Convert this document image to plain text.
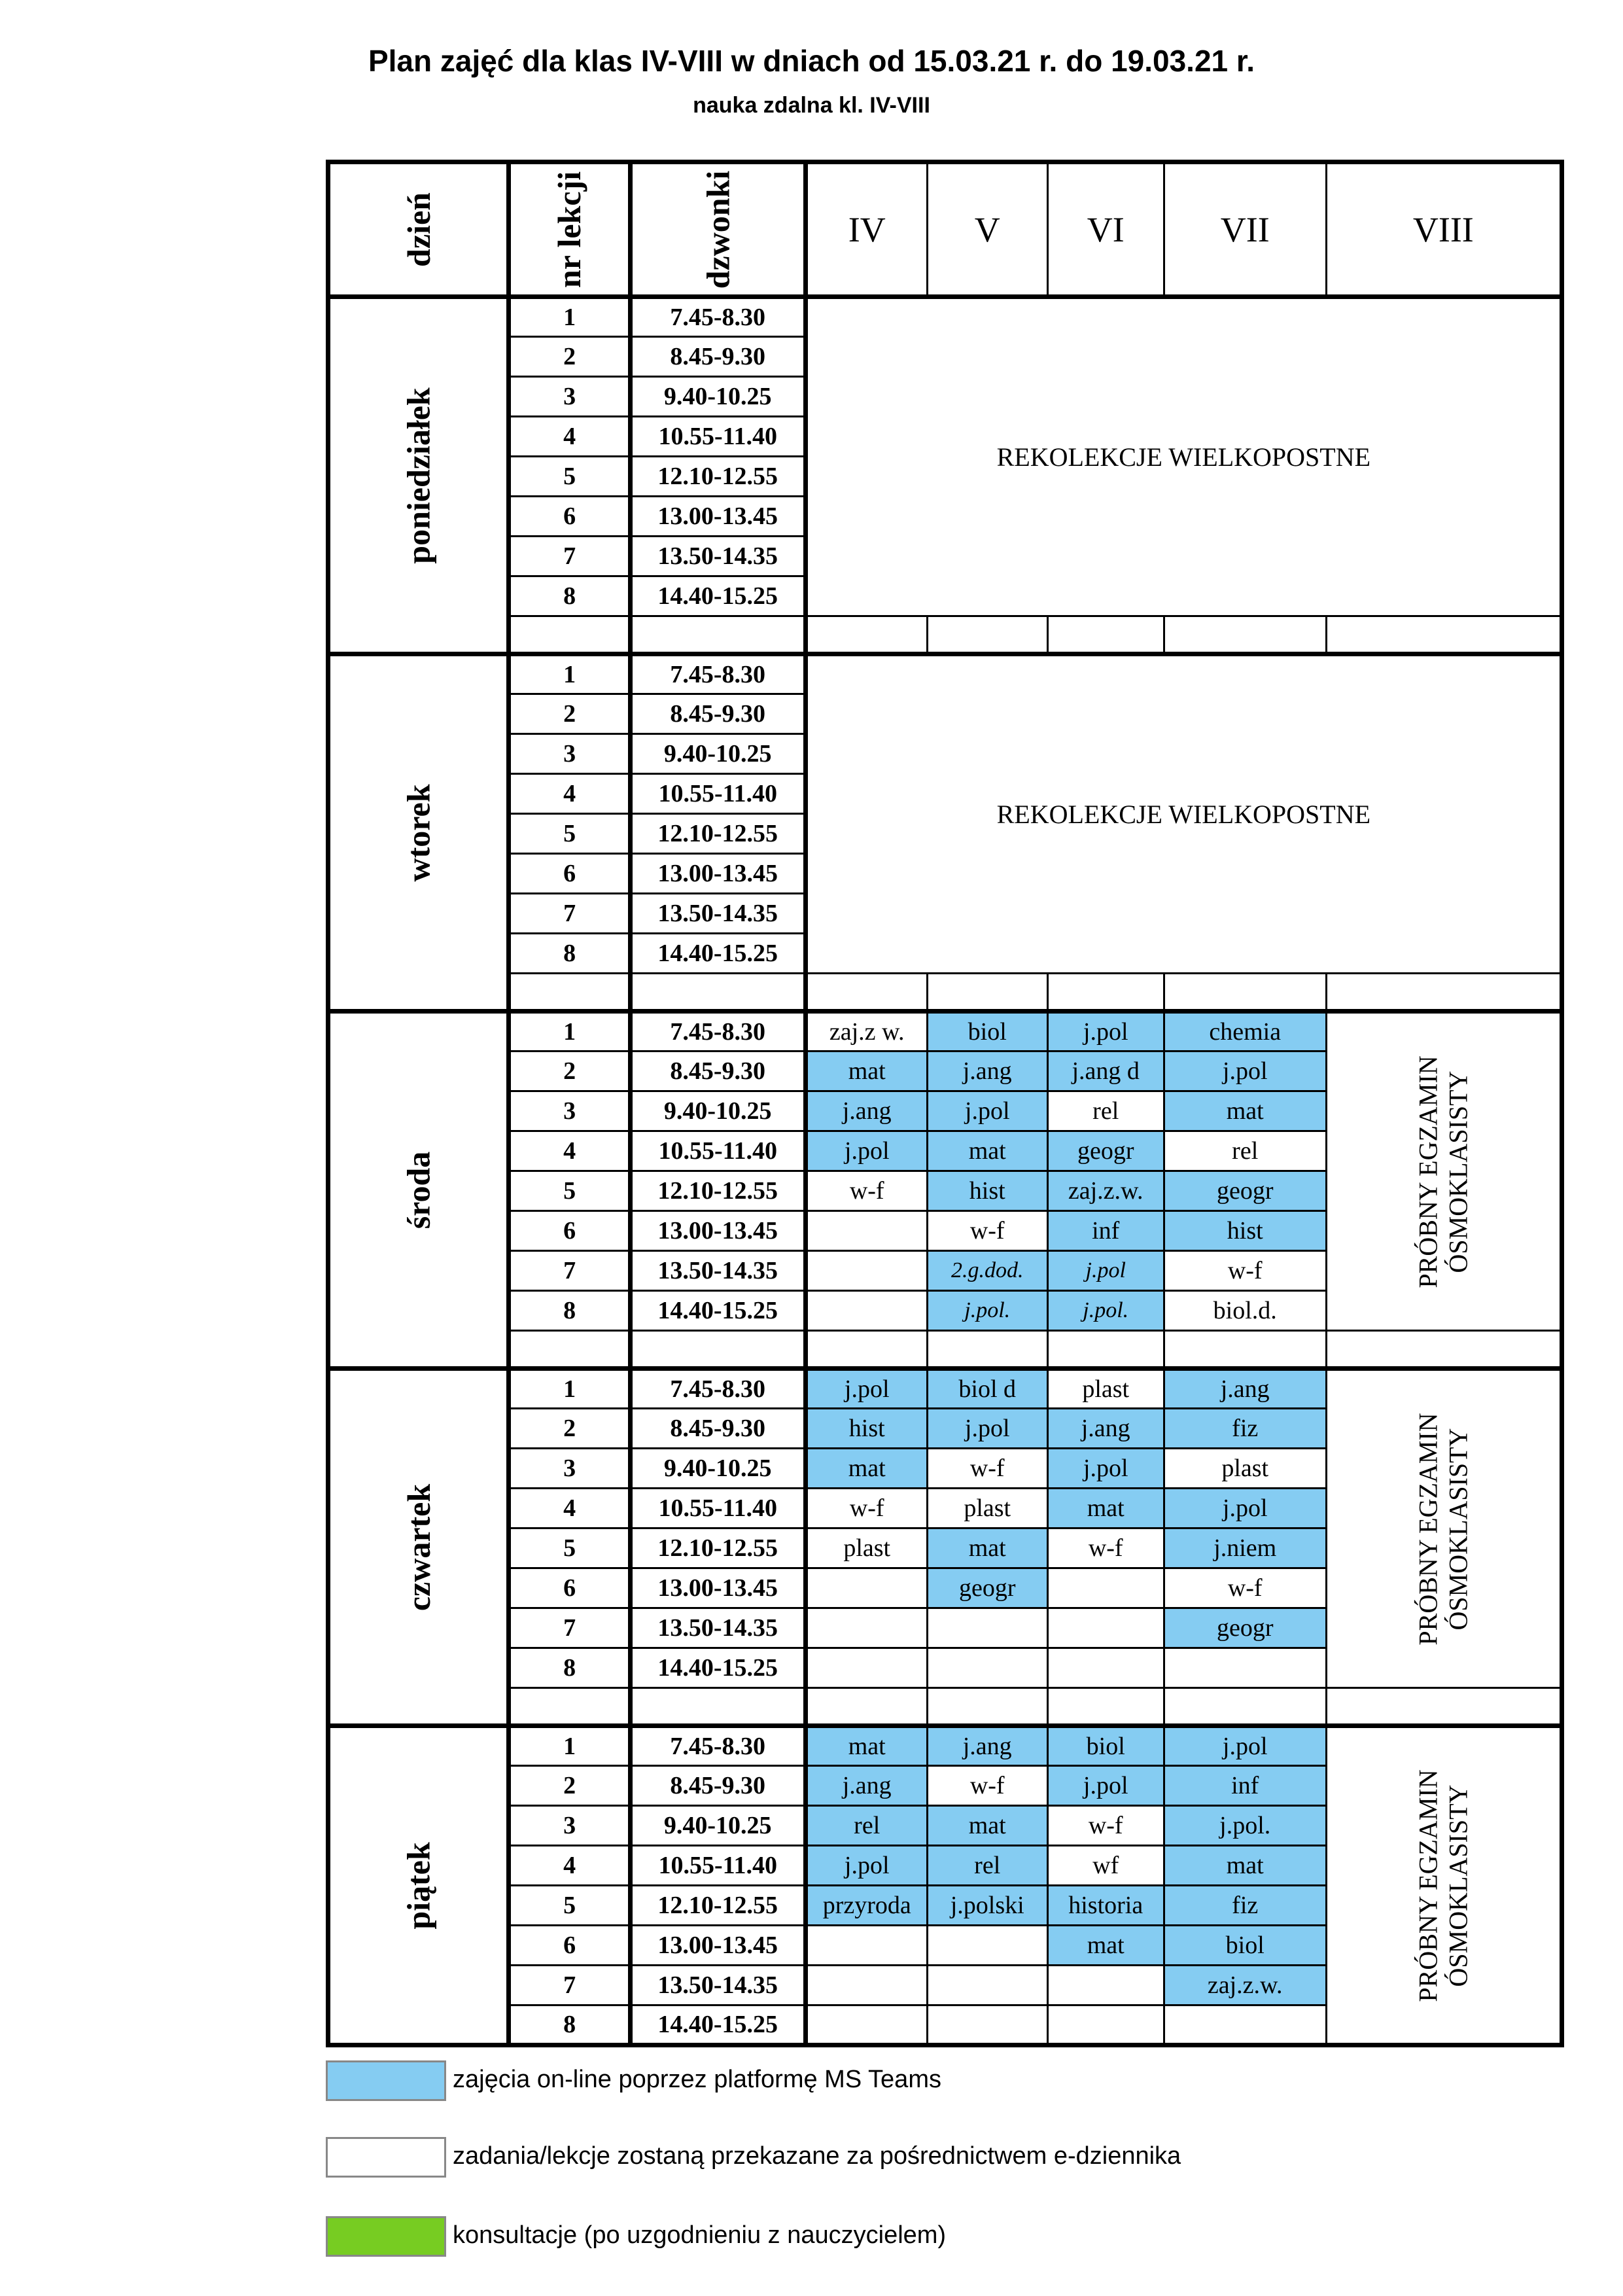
Plan zajęć dla klas IV-VIII w dniach od 15.03.21 r. do 19.03.21 r.
nauka zdalna kl. IV-VIII
dzień	nr lekcji	dzwonki	IV	V	VI	VII	VIII
poniedziałek	1	7.45-8.30	REKOLEKCJE WIELKOPOSTNE				
	2	8.45-9.30					
	3	9.40-10.25					
	4	10.55-11.40					
	5	12.10-12.55					
	6	13.00-13.45					
	7	13.50-14.35					
	8	14.40-15.25					

wtorek	1	7.45-8.30	REKOLEKCJE WIELKOPOSTNE				
	2	8.45-9.30					
	3	9.40-10.25					
	4	10.55-11.40					
	5	12.10-12.55					
	6	13.00-13.45					
	7	13.50-14.35					
	8	14.40-15.25					

środa	1	7.45-8.30	zaj.z w.	biol	j.pol	chemia	PRÓBNY EGZAMIN ÓSMOKLASISTY

	2	8.45-9.30	mat	j.ang	j.ang d	j.pol	
	3	9.40-10.25	j.ang	j.pol	rel	mat	
	4	10.55-11.40	j.pol	mat	geogr	rel	
	5	12.10-12.55	w-f	hist	zaj.z.w.	geogr	
	6	13.00-13.45		w-f	inf	hist	
	7	13.50-14.35		2.g.dod.	j.pol	w-f	
	8	14.40-15.25		j.pol.	j.pol.	biol.d.	

czwartek	1	7.45-8.30	j.pol	biol d	plast	j.ang	PRÓBNY EGZAMIN ÓSMOKLASISTY

	2	8.45-9.30	hist	j.pol	j.ang	fiz	
	3	9.40-10.25	mat	w-f	j.pol	plast	
	4	10.55-11.40	w-f	plast	mat	j.pol	
	5	12.10-12.55	plast	mat	w-f	j.niem	
	6	13.00-13.45		geogr		w-f	
	7	13.50-14.35				geogr	
	8	14.40-15.25					

piątek	1	7.45-8.30	mat	j.ang	biol	j.pol	PRÓBNY EGZAMIN ÓSMOKLASISTY

	2	8.45-9.30	j.ang	w-f	j.pol	inf	
	3	9.40-10.25	rel	mat	w-f	j.pol.	
	4	10.55-11.40	j.pol	rel	wf	mat	
	5	12.10-12.55	przyroda	j.polski	historia	fiz	
	6	13.00-13.45			mat	biol	
	7	13.50-14.35				zaj.z.w.	
	8	14.40-15.25					
zajęcia on-line poprzez platformę MS Teams
zadania/lekcje zostaną przekazane za pośrednictwem e-dziennika
konsultacje (po uzgodnieniu z nauczycielem)
